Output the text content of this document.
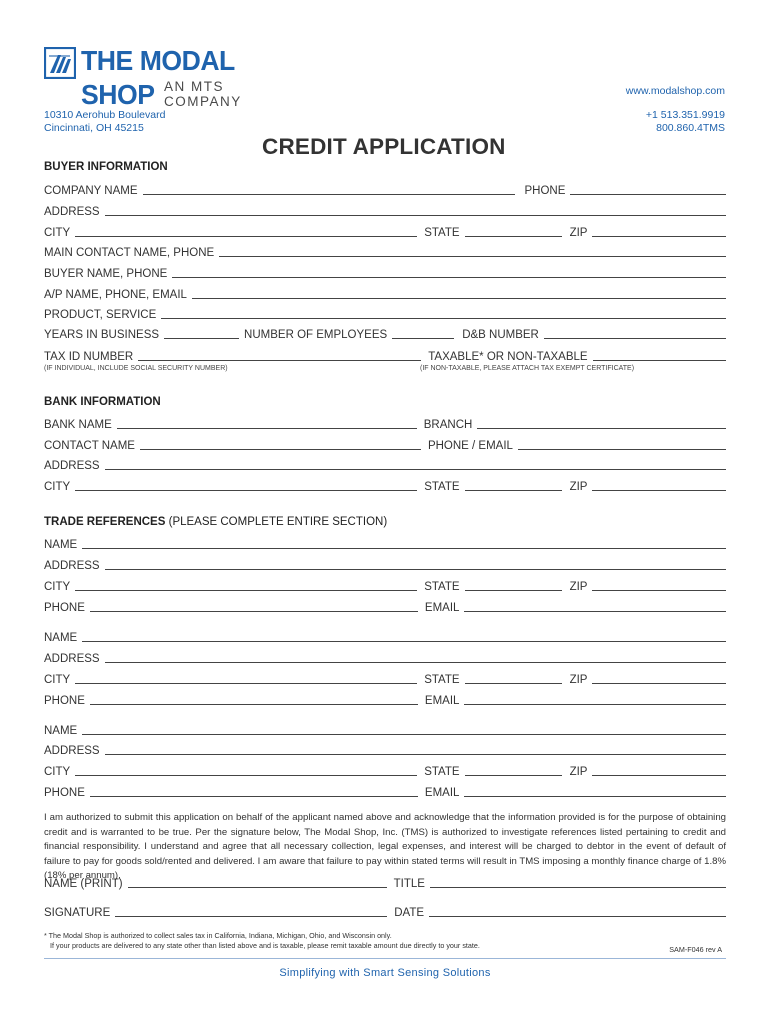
THE MODAL SHOP AN MTS COMPANY
www.modalshop.com
10310 Aerohub Boulevard
Cincinnati, OH 45215
+1 513.351.9919
800.860.4TMS
CREDIT APPLICATION
BUYER INFORMATION
COMPANY NAME	PHONE
ADDRESS
CITY	STATE	ZIP
MAIN CONTACT NAME, PHONE
BUYER NAME, PHONE
A/P NAME, PHONE, EMAIL
PRODUCT, SERVICE
YEARS IN BUSINESS	NUMBER OF EMPLOYEES	D&B NUMBER
TAX ID NUMBER	TAXABLE* OR NON-TAXABLE
(IF INDIVIDUAL, INCLUDE SOCIAL SECURITY NUMBER)	(IF NON-TAXABLE, PLEASE ATTACH TAX EXEMPT CERTIFICATE)
BANK INFORMATION
BANK NAME	BRANCH
CONTACT NAME	PHONE / EMAIL
ADDRESS
CITY	STATE	ZIP
TRADE REFERENCES (PLEASE COMPLETE ENTIRE SECTION)
NAME
ADDRESS
CITY	STATE	ZIP
PHONE	EMAIL
NAME
ADDRESS
CITY	STATE	ZIP
PHONE	EMAIL
NAME
ADDRESS
CITY	STATE	ZIP
PHONE	EMAIL
I am authorized to submit this application on behalf of the applicant named above and acknowledge that the information provided is for the purpose of obtaining credit and is warranted to be true. Per the signature below, The Modal Shop, Inc. (TMS) is authorized to investigate references listed pertaining to credit and financial responsibility. I understand and agree that all necessary collection, legal expenses, and interest will be charged to debtor in the event of default of failure to pay for goods sold/rented and delivered. I am aware that failure to pay within stated terms will result in TMS imposing a monthly finance charge of 1.8% (18% per annum).
NAME (PRINT)	TITLE
SIGNATURE	DATE
* The Modal Shop is authorized to collect sales tax in California, Indiana, Michigan, Ohio, and Wisconsin only.
If your products are delivered to any state other than listed above and is taxable, please remit taxable amount due directly to your state.	SAM-F046 rev A
Simplifying with Smart Sensing Solutions
